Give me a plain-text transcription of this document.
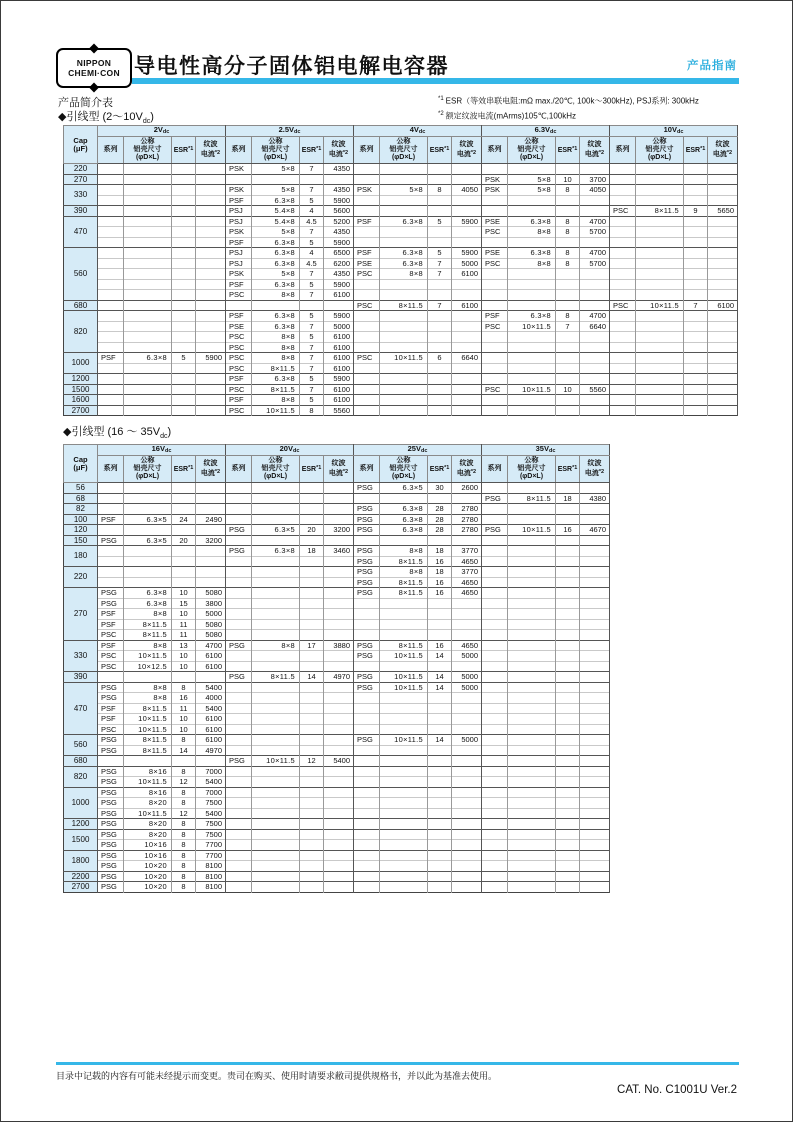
NIPPON
CHEMI·CON 导电性高分子固体铝电解电容器	产品指南
产品简介表
◆引线型 $(2\sim 10V_{dc})$
$^{*1}$ ESR（等效串联电阻:mΩ max./20℃, 100k～300kHz), PSJ系列: 300kHz
$^{*2}$ 额定纹波电流(mArms)105℃,100kHz
Cap
(μF)	$2V_{dc}$				$2.5V_{dc}$				$4V_{dc}$				$6.3V_{dc}$				$10V_{dc}$
	系列	公称
铝壳尺寸
(φD×L)	ESR$^{*1}$	纹波
电流$^{*2}$	系列	公称
铝壳尺寸
(φD×L)	ESR$^{*1}$	纹波
电流$^{*2}$	系列	公称
铝壳尺寸
(φD×L)	ESR$^{*1}$	纹波
电流$^{*2}$	系列	公称
铝壳尺寸
(φD×L)	ESR$^{*1}$	纹波
电流$^{*2}$	系列	公称
铝壳尺寸
(φD×L)	ESR$^{*1}$	纹波
电流$^{*2}$
220					PSK	5×8	7	4350												
270													PSK	5×8	10	3700				
330					PSK	5×8	7	4350	PSK	5×8	8	4050	PSK	5×8	8	4050				
					PSF	6.3×8	5	5900												
390					PSJ	5.4×8	4	5600									PSC	8×11.5	9	5650
470					PSJ	5.4×8	4.5	5200	PSF	6.3×8	5	5900	PSE	6.3×8	8	4700				
					PSK	5×8	7	4350					PSC	8×8	8	5700				
					PSF	6.3×8	5	5900												
560					PSJ	6.3×8	4	6500	PSF	6.3×8	5	5900	PSE	6.3×8	8	4700				
					PSJ	6.3×8	4.5	6200	PSE	6.3×8	7	5000	PSC	8×8	8	5700				
					PSK	5×8	7	4350	PSC	8×8	7	6100								
					PSF	6.3×8	5	5900												
					PSC	8×8	7	6100												
680									PSC	8×11.5	7	6100					PSC	10×11.5	7	6100
820					PSF	6.3×8	5	5900					PSF	6.3×8	8	4700				
					PSE	6.3×8	7	5000					PSC	10×11.5	7	6640				
					PSC	8×8	5	6100												
					PSC	8×8	7	6100												
1000	PSF	6.3×8	5	5900	PSC	8×8	7	6100	PSC	10×11.5	6	6640								
					PSC	8×11.5	7	6100												
1200					PSF	6.3×8	5	5900												
1500					PSC	8×11.5	7	6100					PSC	10×11.5	10	5560				
1600					PSF	8×8	5	6100												
2700					PSC	10×11.5	8	5560												
◆引线型 (16 ～ $35V_{dc}$)
Cap
(μF)	$16V_{dc}$				$20V_{dc}$				$25V_{dc}$				$35V_{dc}$
	系列	公称
铝壳尺寸
(φD×L)	ESR$^{*1}$	纹波
电流$^{*2}$	系列	公称
铝壳尺寸
(φD×L)	ESR$^{*1}$	纹波
电流$^{*2}$	系列	公称
铝壳尺寸
(φD×L)	ESR$^{*1}$	纹波
电流$^{*2}$	系列	公称
铝壳尺寸
(φD×L)	ESR$^{*1}$	纹波
电流$^{*2}$
56									PSG	6.3×5	30	2600				
68													PSG	8×11.5	18	4380
82									PSG	6.3×8	28	2780				
100	PSF	6.3×5	24	2490					PSG	6.3×8	28	2780				
120					PSG	6.3×5	20	3200	PSG	6.3×8	28	2780	PSG	10×11.5	16	4670
150	PSG	6.3×5	20	3200												
180					PSG	6.3×8	18	3460	PSG	8×8	18	3770				
									PSG	8×11.5	16	4650				
220									PSG	8×8	18	3770				
									PSG	8×11.5	16	4650				
270	PSG	6.3×8	10	5080					PSG	8×11.5	16	4650				
	PSG	6.3×8	15	3800												
	PSF	8×8	10	5000												
	PSF	8×11.5	11	5080												
	PSC	8×11.5	11	5080												
330	PSF	8×8	13	4700	PSG	8×8	17	3880	PSG	8×11.5	16	4650				
	PSC	10×11.5	10	6100					PSG	10×11.5	14	5000				
	PSC	10×12.5	10	6100												
390					PSG	8×11.5	14	4970	PSG	10×11.5	14	5000				
470	PSG	8×8	8	5400					PSG	10×11.5	14	5000				
	PSG	8×8	16	4000												
	PSF	8×11.5	11	5400												
	PSF	10×11.5	10	6100												
	PSC	10×11.5	10	6100												
560	PSG	8×11.5	8	6100					PSG	10×11.5	14	5000				
	PSG	8×11.5	14	4970												
680					PSG	10×11.5	12	5400								
820	PSG	8×16	8	7000												
	PSG	10×11.5	12	5400												
1000	PSG	8×16	8	7000												
	PSG	8×20	8	7500												
	PSG	10×11.5	12	5400												
1200	PSG	8×20	8	7500												
1500	PSG	8×20	8	7500												
	PSG	10×16	8	7700												
1800	PSG	10×16	8	7700												
	PSG	10×20	8	8100												
2200	PSG	10×20	8	8100												
2700	PSG	10×20	8	8100												
目录中记载的内容有可能未经提示而变更。贵司在购买、使用时请要求敝司提供规格书，并以此为基准去使用。
CAT. No. C1001U Ver.2
